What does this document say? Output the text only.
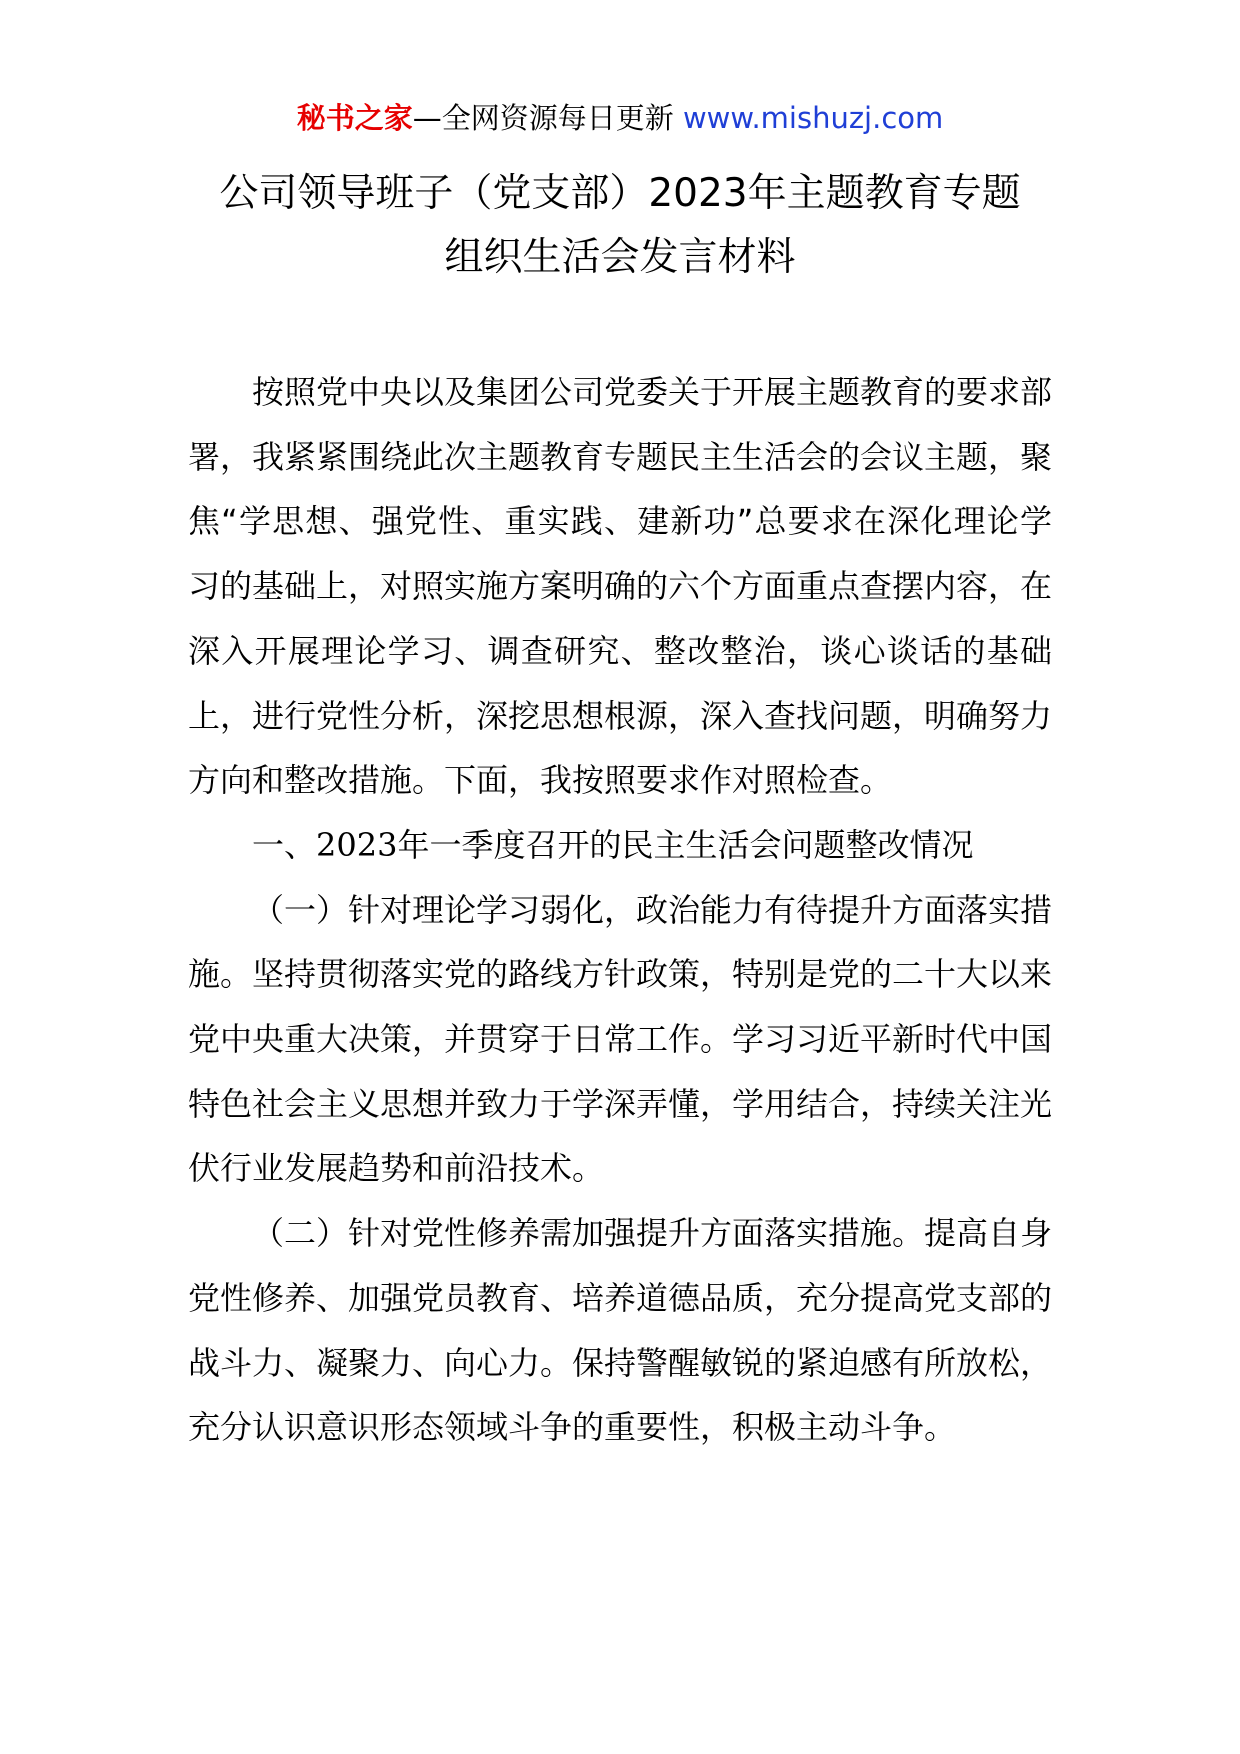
秘书之家—全网资源每日更新 www.mishuzj.com
公司领导班子（党支部）2023年主题教育专题
组织生活会发言材料

按照党中央以及集团公司党委关于开展主题教育的要求部署，我紧紧围绕此次主题教育专题民主生活会的会议主题，聚焦“学思想、强党性、重实践、建新功”总要求在深化理论学习的基础上，对照实施方案明确的六个方面重点查摆内容，在深入开展理论学习、调查研究、整改整治，谈心谈话的基础上，进行党性分析，深挖思想根源，深入查找问题，明确努力方向和整改措施。下面，我按照要求作对照检查。

一、2023年一季度召开的民主生活会问题整改情况

（一）针对理论学习弱化，政治能力有待提升方面落实措施。坚持贯彻落实党的路线方针政策，特别是党的二十大以来党中央重大决策，并贯穿于日常工作。学习习近平新时代中国特色社会主义思想并致力于学深弄懂，学用结合，持续关注光伏行业发展趋势和前沿技术。

（二）针对党性修养需加强提升方面落实措施。提高自身党性修养、加强党员教育、培养道德品质，充分提高党支部的战斗力、凝聚力、向心力。保持警醒敏锐的紧迫感有所放松，充分认识意识形态领域斗争的重要性，积极主动斗争。
